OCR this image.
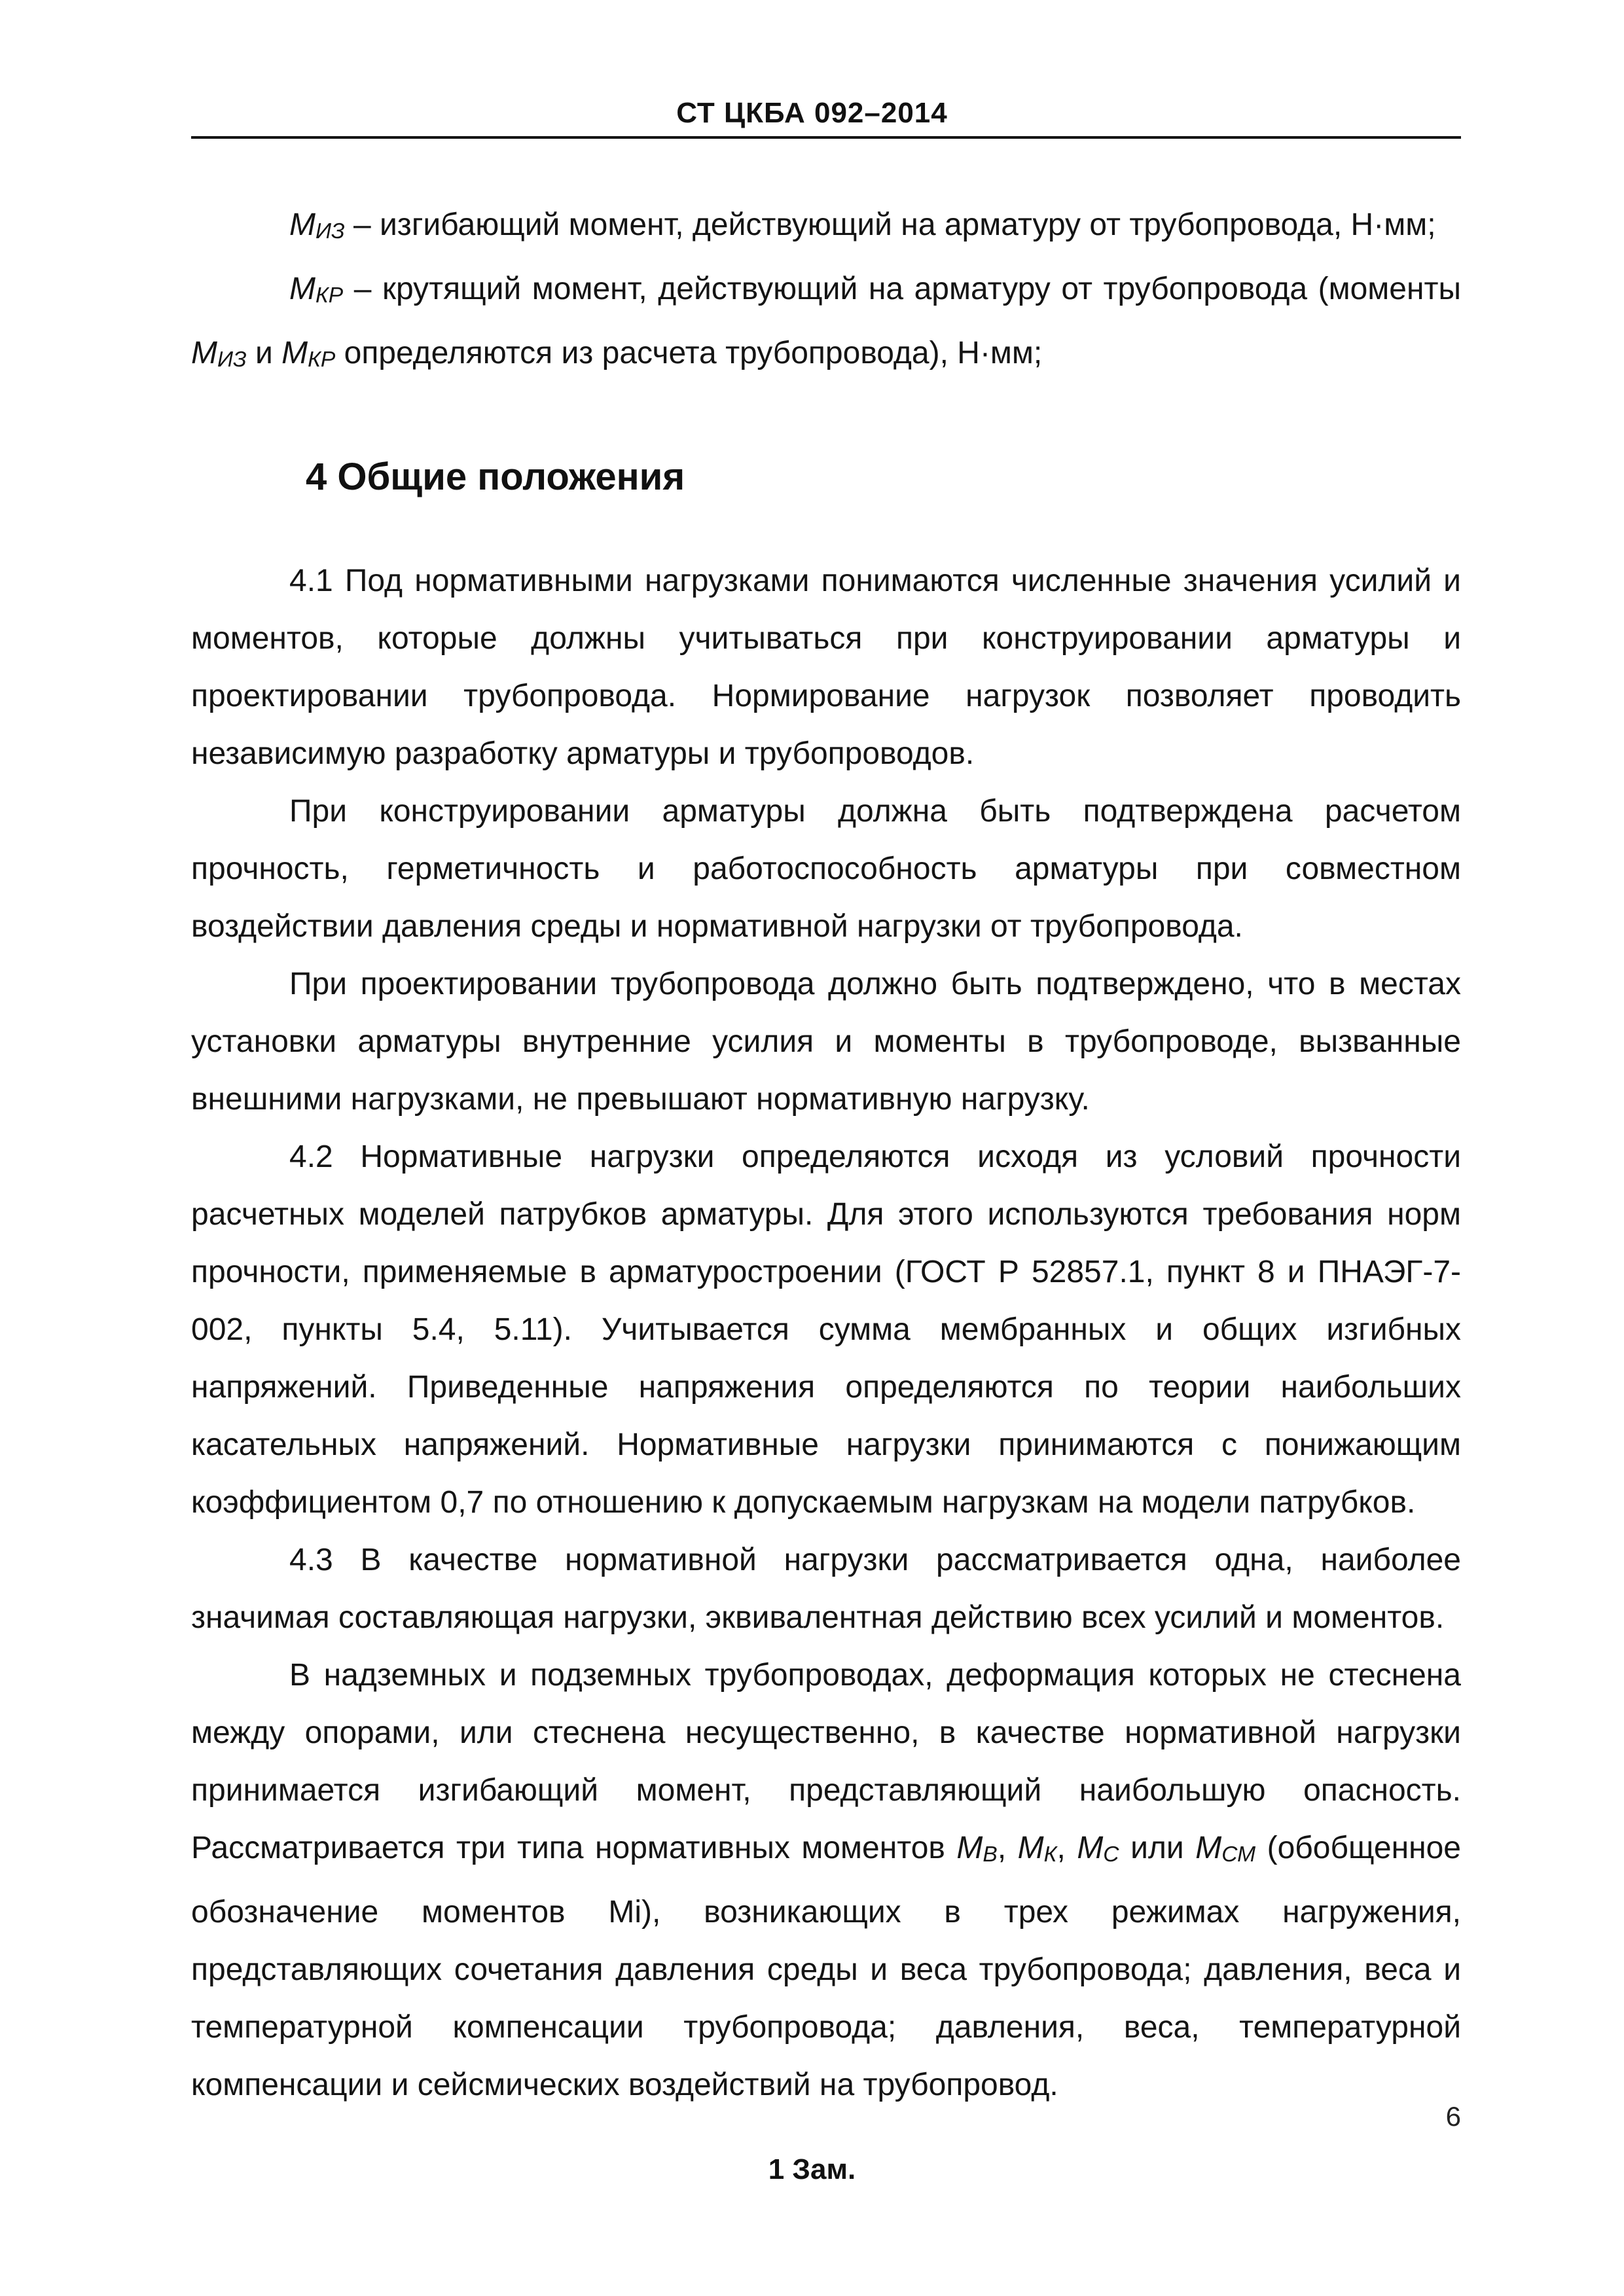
СТ ЦКБА 092–2014

$М_{ИЗ}$ – изгибающий момент, действующий на арматуру от трубопровода, Н·мм;

$М_{КР}$ – крутящий момент, действующий на арматуру от трубопровода (моменты $М_{ИЗ}$ и $М_{КР}$ определяются из расчета трубопровода), Н·мм;

4 Общие положения

4.1 Под нормативными нагрузками понимаются численные значения усилий и моментов, которые должны учитываться при конструировании арматуры и проектировании трубопровода. Нормирование нагрузок позволяет проводить независимую разработку арматуры и трубопроводов.

При конструировании арматуры должна быть подтверждена расчетом прочность, герметичность и работоспособность арматуры при совместном воздействии давления среды и нормативной нагрузки от трубопровода.

При проектировании трубопровода должно быть подтверждено, что в местах установки арматуры внутренние усилия и моменты в трубопроводе, вызванные внешними нагрузками, не превышают нормативную нагрузку.

4.2 Нормативные нагрузки определяются исходя из условий прочности расчетных моделей патрубков арматуры. Для этого используются требования норм прочности, применяемые в арматуростроении (ГОСТ Р 52857.1, пункт 8 и ПНАЭГ-7-002, пункты 5.4, 5.11). Учитывается сумма мембранных и общих изгибных напряжений. Приведенные напряжения определяются по теории наибольших касательных напряжений. Нормативные нагрузки принимаются с понижающим коэффициентом 0,7 по отношению к допускаемым нагрузкам на модели патрубков.

4.3 В качестве нормативной нагрузки рассматривается одна, наиболее значимая составляющая нагрузки, эквивалентная действию всех усилий и моментов.

В надземных и подземных трубопроводах, деформация которых не стеснена между опорами, или стеснена несущественно, в качестве нормативной нагрузки принимается изгибающий момент, представляющий наибольшую опасность. Рассматривается три типа нормативных моментов $М_В$, $М_К$, $М_С$ или $М_{СМ}$ (обобщенное обозначение моментов Mi), возникающих в трех режимах нагружения, представляющих сочетания давления среды и веса трубопровода; давления, веса и температурной компенсации трубопровода; давления, веса, температурной компенсации и сейсмических воздействий на трубопровод.

6
1 Зам.
